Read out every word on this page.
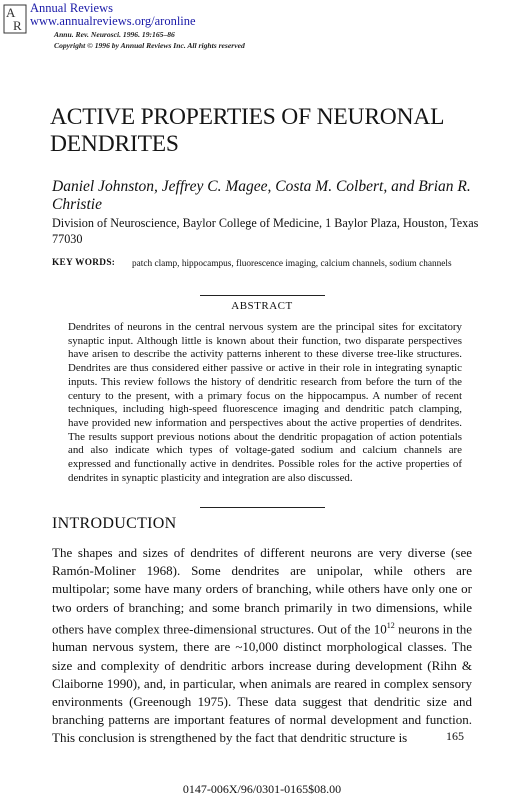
A
R
Annual Reviews
www.annualreviews.org/aronline
Annu. Rev. Neurosci. 1996. 19:165–86
Copyright © 1996 by Annual Reviews Inc. All rights reserved
ACTIVE PROPERTIES OF NEURONAL DENDRITES
Daniel Johnston, Jeffrey C. Magee, Costa M. Colbert, and Brian R. Christie
Division of Neuroscience, Baylor College of Medicine, 1 Baylor Plaza, Houston, Texas 77030
KEY WORDS: patch clamp, hippocampus, fluorescence imaging, calcium channels, sodium channels
ABSTRACT
Dendrites of neurons in the central nervous system are the principal sites for excitatory synaptic input. Although little is known about their function, two disparate perspectives have arisen to describe the activity patterns inherent to these diverse tree-like structures. Dendrites are thus considered either passive or active in their role in integrating synaptic inputs. This review follows the history of dendritic research from before the turn of the century to the present, with a primary focus on the hippocampus. A number of recent techniques, including high-speed fluorescence imaging and dendritic patch clamping, have provided new information and perspectives about the active properties of dendrites. The results support previous notions about the dendritic propagation of action potentials and also indicate which types of voltage-gated sodium and calcium channels are expressed and functionally active in dendrites. Possible roles for the active properties of dendrites in synaptic plasticity and integration are also discussed.
INTRODUCTION

The shapes and sizes of dendrites of different neurons are very diverse (see Ramón-Moliner 1968). Some dendrites are unipolar, while others are multipolar; some have many orders of branching, while others have only one or two orders of branching; and some branch primarily in two dimensions, while others have complex three-dimensional structures. Out of the $10^{12}$ neurons in the human nervous system, there are ~10,000 distinct morphological classes. The size and complexity of dendritic arbors increase during development (Rihn & Claiborne 1990), and, in particular, when animals are reared in complex sensory environments (Greenough 1975). These data suggest that dendritic size and branching patterns are important features of normal development and function. This conclusion is strengthened by the fact that dendritic structure is	165
0147-006X/96/0301-0165$08.00
